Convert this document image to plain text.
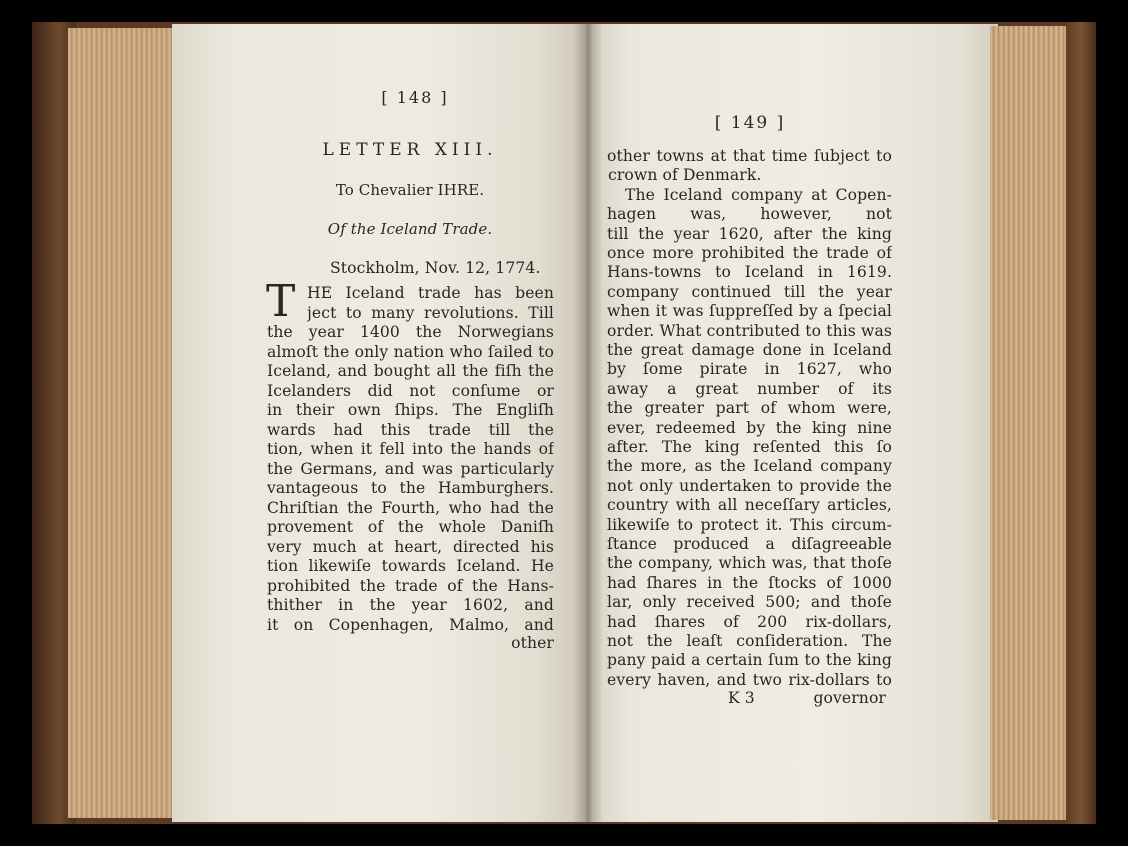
[ 148 ]
LETTER XIII.
To Chevalier IHRE.
Of the Iceland Trade.
Stockholm, Nov. 12, 1774.
T HE Iceland trade has been
ject to many revolutions. Till
the year 1400 the Norwegians
almoſt the only nation who ſailed to
Iceland, and bought all the fiſh the
Icelanders did not conſume or
in their own ſhips. The Engliſh
wards had this trade till the
tion, when it fell into the hands of
the Germans, and was particularly
vantageous to the Hamburghers.
Chriſtian the Fourth, who had the
provement of the whole Daniſh
very much at heart, directed his
tion likewiſe towards Iceland. He
prohibited the trade of the Hans-
thither in the year 1602, and
it on Copenhagen, Malmo, and
other
[ 149 ]
other towns at that time ſubject to
crown of Denmark.
The Iceland company at Copen-
hagen was, however, not
till the year 1620, after the king
once more prohibited the trade of
Hans-towns to Iceland in 1619.
company continued till the year
when it was ſuppreſſed by a ſpecial
order. What contributed to this was
the great damage done in Iceland
by ſome pirate in 1627, who
away a great number of its
the greater part of whom were,
ever, redeemed by the king nine
after. The king reſented this ſo
the more, as the Iceland company
not only undertaken to provide the
country with all neceſſary articles,
likewiſe to protect it. This circum-
ſtance produced a diſagreeable
the company, which was, that thoſe
had ſhares in the ſtocks of 1000
lar, only received 500; and thoſe
had ſhares of 200 rix-dollars,
not the leaſt conſideration. The
pany paid a certain ſum to the king
every haven, and two rix-dollars to
K 3	governor
